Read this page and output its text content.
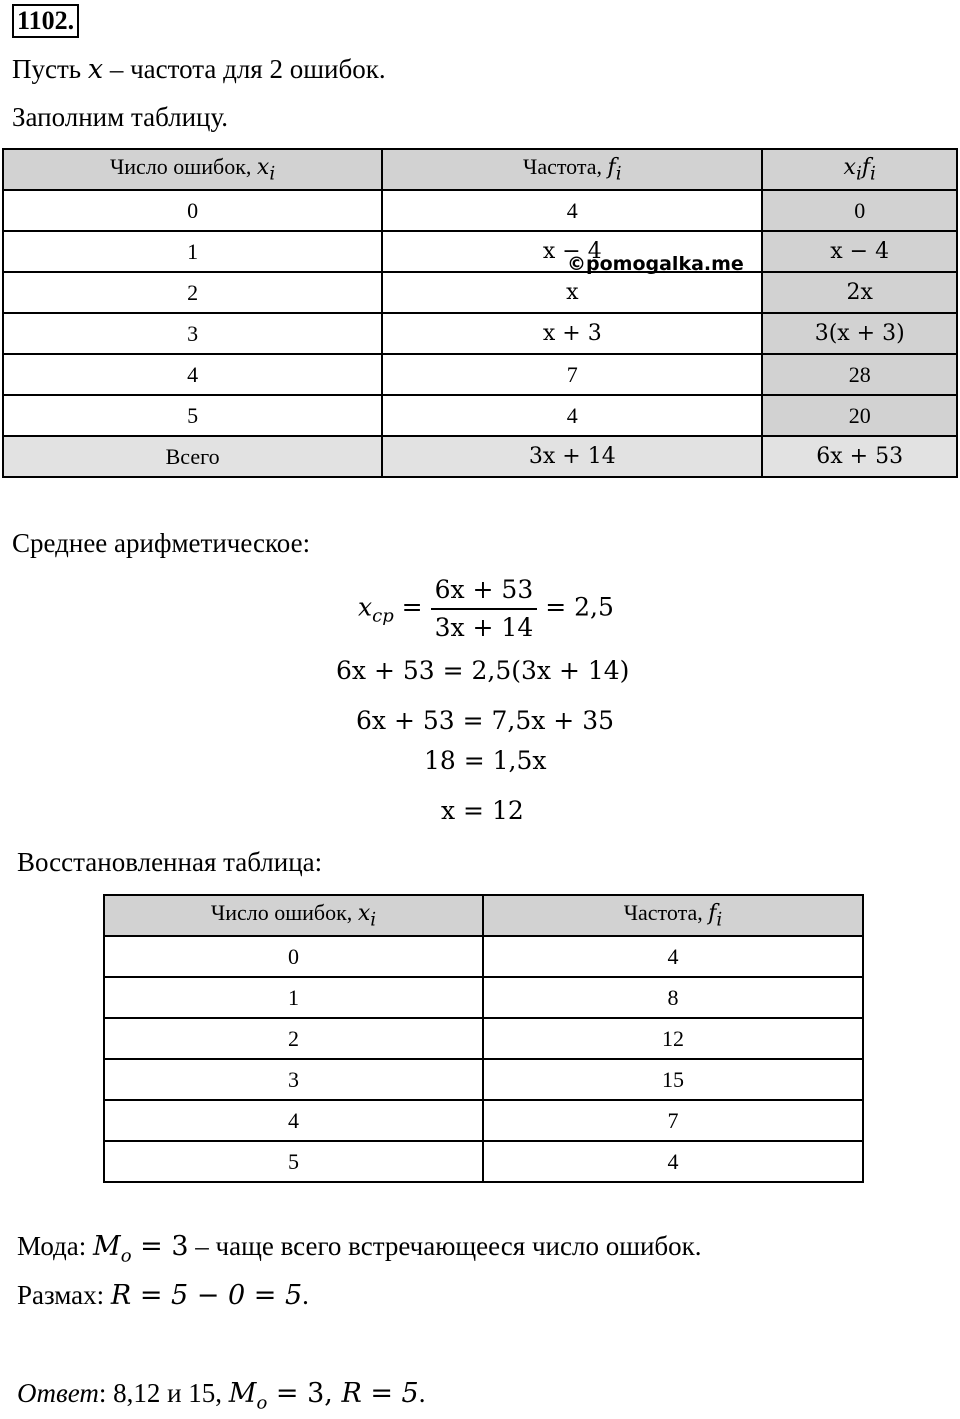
1102.
Пусть x – частота для 2 ошибок.
Заполним таблицу.
Число ошибок, $x_i$	Частота, $f_i$	$x_if_i$
0	4	0
1	x − 4	x − 4
2	x	2x
3	x + 3	3(x + 3)
4	7	28
5	4	20
Всего	3x + 14	6x + 53
©pomogalka.me
Среднее арифметическое:
$x_{ср} = \frac{6x + 53}{3x + 14} = 2,5$
6x + 53 = 2,5(3x + 14)
6x + 53 = 7,5x + 35
18 = 1,5x
x = 12
Восстановленная таблица:
Число ошибок, $x_i$	Частота, $f_i$
0	4
1	8
2	12
3	15
4	7
5	4
Мода: $M_o = 3$ – чаще всего встречающееся число ошибок.
Размах: R = 5 − 0 = 5.
Ответ: 8,12 и 15, $M_o = 3$, R = 5.
